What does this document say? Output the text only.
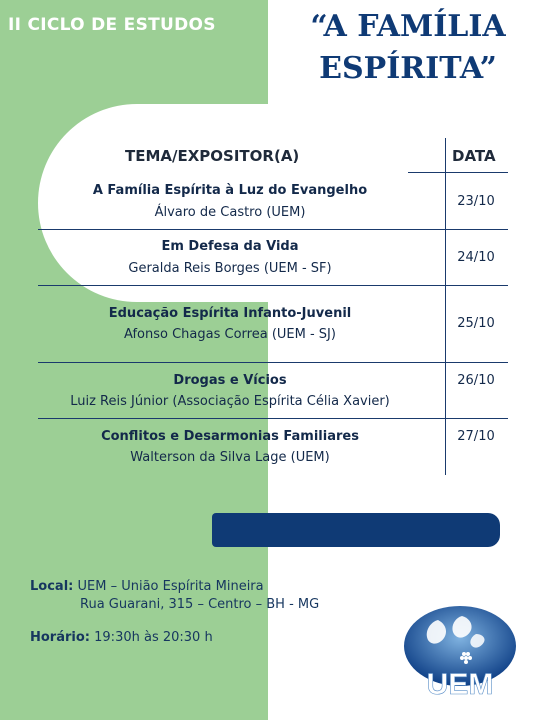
II CICLO DE ESTUDOS	“A FAMÍLIA
ESPÍRITA”
TEMA/EXPOSITOR(A)	DATA
A Família Espírita à Luz do Evangelho
Álvaro de Castro (UEM)
23/10
Em Defesa da Vida
Geralda Reis Borges (UEM - SF)
24/10
Educação Espírita Infanto-Juvenil
Afonso Chagas Correa (UEM - SJ)
25/10
Drogas e Vícios
Luiz Reis Júnior (Associação Espírita Célia Xavier)
26/10
Conflitos e Desarmonias Familiares
Walterson da Silva Lage (UEM)
27/10
Local: UEM – União Espírita Mineira
Rua Guarani, 315 – Centro – BH - MG
Horário: 19:30h às 20:30 h
UEM
